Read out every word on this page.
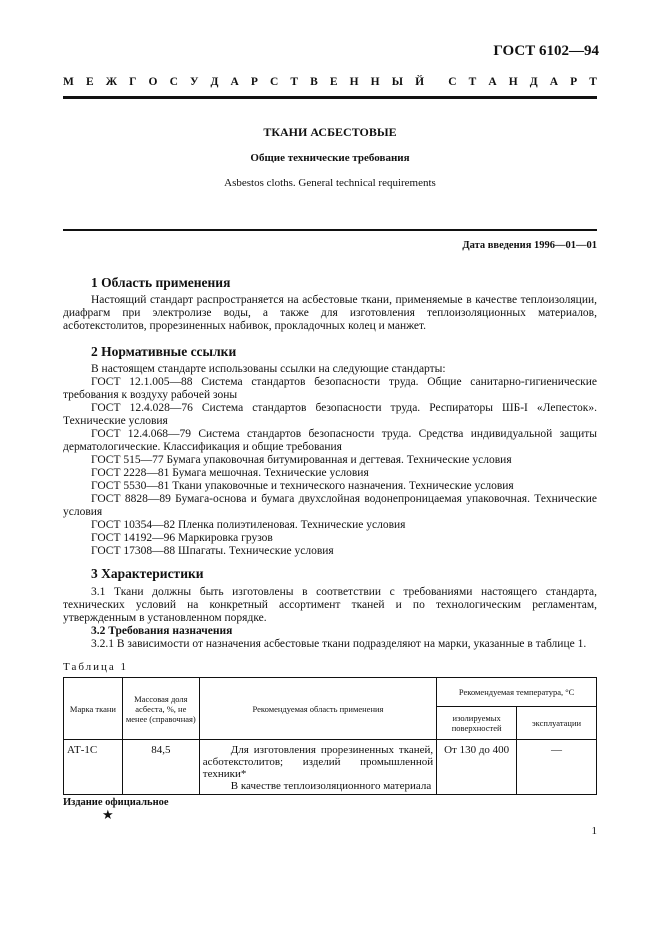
ГОСТ 6102—94
М Е Ж Г О С У Д А Р С Т В Е Н Н Ы Й С Т А Н Д А Р Т
ТКАНИ АСБЕСТОВЫЕ
Общие технические требования
Asbestos cloths. General technical requirements
Дата введения 1996—01—01
1 Область применения

Настоящий стандарт распространяется на асбестовые ткани, применяемые в качестве теплоизоляции, диафрагм при электролизе воды, а также для изготовления теплоизоляционных материалов, асботекстолитов, прорезиненных набивок, прокладочных колец и манжет.

2 Нормативные ссылки

В настоящем стандарте использованы ссылки на следующие стандарты:

ГОСТ 12.1.005—88 Система стандартов безопасности труда. Общие санитарно-гигиенические требования к воздуху рабочей зоны

ГОСТ 12.4.028—76 Система стандартов безопасности труда. Респираторы ШБ-I «Лепесток». Технические условия

ГОСТ 12.4.068—79 Система стандартов безопасности труда. Средства индивидуальной защиты дерматологические. Классификация и общие требования

ГОСТ 515—77 Бумага упаковочная битумированная и дегтевая. Технические условия

ГОСТ 2228—81 Бумага мешочная. Технические условия

ГОСТ 5530—81 Ткани упаковочные и технического назначения. Технические условия

ГОСТ 8828—89 Бумага-основа и бумага двухслойная водонепроницаемая упаковочная. Технические условия

ГОСТ 10354—82 Пленка полиэтиленовая. Технические условия

ГОСТ 14192—96 Маркировка грузов

ГОСТ 17308—88 Шпагаты. Технические условия

3 Характеристики

3.1 Ткани должны быть изготовлены в соответствии с требованиями настоящего стандарта, технических условий на конкретный ассортимент тканей и по технологическим регламентам, утвержденным в установленном порядке.

3.2 Требования назначения

3.2.1 В зависимости от назначения асбестовые ткани подразделяют на марки, указанные в таблице 1.

Таблица 1
Марка ткани	Массовая доля асбеста, %, не менее (справочная)	Рекомендуемая область применения	Рекомендуемая температура, °С	
			изолируемых поверхностей	эксплуатации
АТ-1С	84,5	Для изготовления прорезиненных тканей, асботекстолитов; изделий промышленной техники*
В качестве теплоизоляционного материала	От 130 до 400	—
Издание официальное
★
1
